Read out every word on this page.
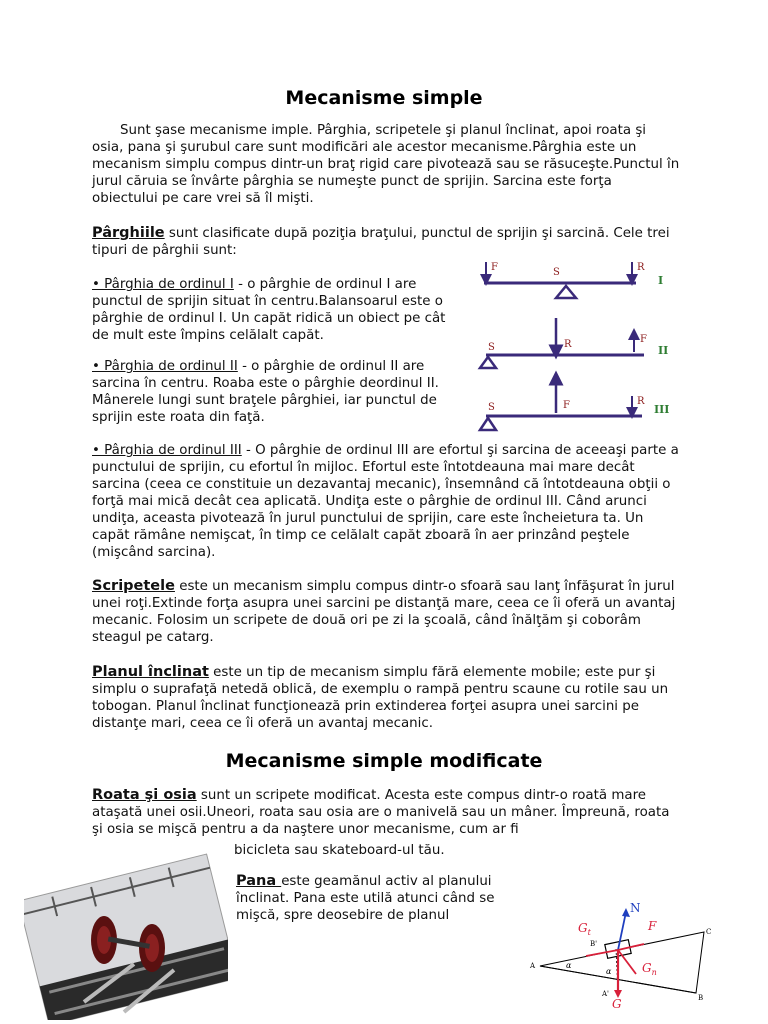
Mecanisme simple

Sunt şase mecanisme imple. Pârghia, scripetele şi planul înclinat, apoi roata şi osia, pana şi şurubul care sunt modificări ale acestor mecanisme.Pârghia este un mecanism simplu compus dintr-un braţ rigid care pivotează sau se răsuceşte.Punctul în jurul căruia se învârte pârghia se numeşte punct de sprijin. Sarcina este forţa obiectului pe care vrei să îl mişti.

Pârghiile sunt clasificate după poziţia braţului, punctul de sprijin şi sarcină. Cele trei tipuri de pârghii sunt:

• Pârghia de ordinul I - o pârghie de ordinul I are punctul de sprijin situat în centru.Balansoarul este o pârghie de ordinul I. Un capăt ridică un obiect pe cât de mult este împins celălalt capăt.

• Pârghia de ordinul II - o pârghie de ordinul II are sarcina în centru. Roaba este o pârghie deordinul II. Mânerele lungi sunt braţele pârghiei, iar punctul de sprijin este roata din faţă.

• Pârghia de ordinul III - O pârghie de ordinul III are efortul şi sarcina de aceeaşi parte a punctului de sprijin, cu efortul în mijloc. Efortul este întotdeauna mai mare decât sarcina (ceea ce constituie un dezavantaj mecanic), însemnând că întotdeauna obţii o forţă mai mică decât cea aplicată. Undiţa este o pârghie de ordinul III. Când arunci undiţa, aceasta pivotează în jurul punctului de sprijin, care este încheietura ta. Un capăt rămâne nemişcat, în timp ce celălalt capăt zboară în aer prinzând peştele (mişcând sarcina).

Scripetele este un mecanism simplu compus dintr-o sfoară sau lanţ înfăşurat în jurul unei roţi.Extinde forţa asupra unei sarcini pe distanţă mare, ceea ce îi oferă un avantaj mecanic. Folosim un scripete de două ori pe zi la şcoală, când înălţăm şi coborâm steagul pe catarg.

Planul înclinat este un tip de mecanism simplu fără elemente mobile; este pur şi simplu o suprafaţă netedă oblică, de exemplu o rampă pentru scaune cu rotile sau un tobogan. Planul înclinat funcţionează prin extinderea forţei asupra unei sarcini pe distanţe mari, ceea ce îi oferă un avantaj mecanic.

Mecanisme simple modificate

Roata şi osia sunt un scripete modificat. Acesta este compus dintr-o roată mare ataşată unei osii.Uneori, roata sau osia are o manivelă sau un mâner. Împreună, roata şi osia se mişcă pentru a da naştere unor mecanisme, cum ar fi

bicicleta sau skateboard-ul tău.

Pana este geamănul activ al planului înclinat. Pana este utilă atunci când se mişcă, spre deosebire de planul

F	S	R
I
S	R	F
II
S	F	R
III
N
F
$G_t$
$G_n$
G
A
B
C
α
α
B'
A'
